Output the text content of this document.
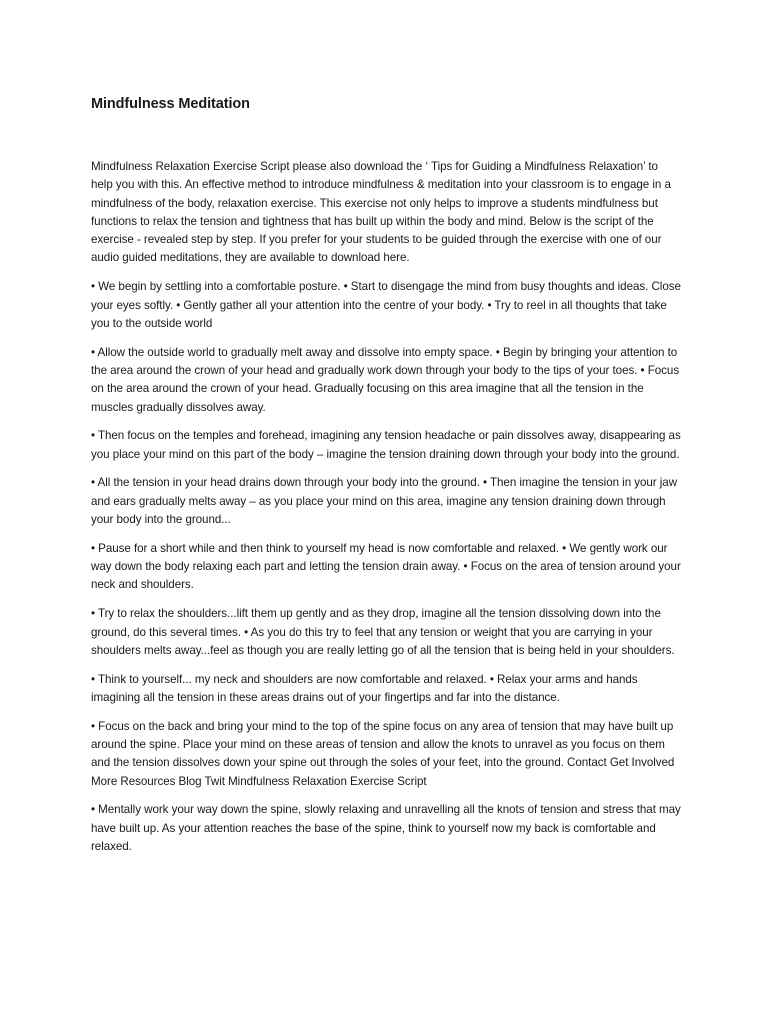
Mindfulness Meditation

Mindfulness Relaxation Exercise Script please also download the ‘ Tips for Guiding a Mindfulness Relaxation’ to help you with this. An effective method to introduce mindfulness & meditation into your classroom is to engage in a mindfulness of the body, relaxation exercise. This exercise not only helps to improve a students mindfulness but functions to relax the tension and tightness that has built up within the body and mind. Below is the script of the exercise - revealed step by step. If you prefer for your students to be guided through the exercise with one of our audio guided meditations, they are available to download here.

• We begin by settling into a comfortable posture. • Start to disengage the mind from busy thoughts and ideas. Close your eyes softly. • Gently gather all your attention into the centre of your body. • Try to reel in all thoughts that take you to the outside world

• Allow the outside world to gradually melt away and dissolve into empty space. • Begin by bringing your attention to the area around the crown of your head and gradually work down through your body to the tips of your toes. • Focus on the area around the crown of your head. Gradually focusing on this area imagine that all the tension in the muscles gradually dissolves away.

• Then focus on the temples and forehead, imagining any tension headache or pain dissolves away, disappearing as you place your mind on this part of the body – imagine the tension draining down through your body into the ground.

• All the tension in your head drains down through your body into the ground. • Then imagine the tension in your jaw and ears gradually melts away – as you place your mind on this area, imagine any tension draining down through your body into the ground...

• Pause for a short while and then think to yourself my head is now comfortable and relaxed. • We gently work our way down the body relaxing each part and letting the tension drain away. • Focus on the area of tension around your neck and shoulders.

• Try to relax the shoulders...lift them up gently and as they drop, imagine all the tension dissolving down into the ground, do this several times. • As you do this try to feel that any tension or weight that you are carrying in your shoulders melts away...feel as though you are really letting go of all the tension that is being held in your shoulders.

• Think to yourself... my neck and shoulders are now comfortable and relaxed. • Relax your arms and hands imagining all the tension in these areas drains out of your fingertips and far into the distance.

• Focus on the back and bring your mind to the top of the spine focus on any area of tension that may have built up around the spine. Place your mind on these areas of tension and allow the knots to unravel as you focus on them and the tension dissolves down your spine out through the soles of your feet, into the ground. Contact Get Involved More Resources Blog Twit Mindfulness Relaxation Exercise Script

• Mentally work your way down the spine, slowly relaxing and unravelling all the knots of tension and stress that may have built up. As your attention reaches the base of the spine, think to yourself now my back is comfortable and relaxed.
